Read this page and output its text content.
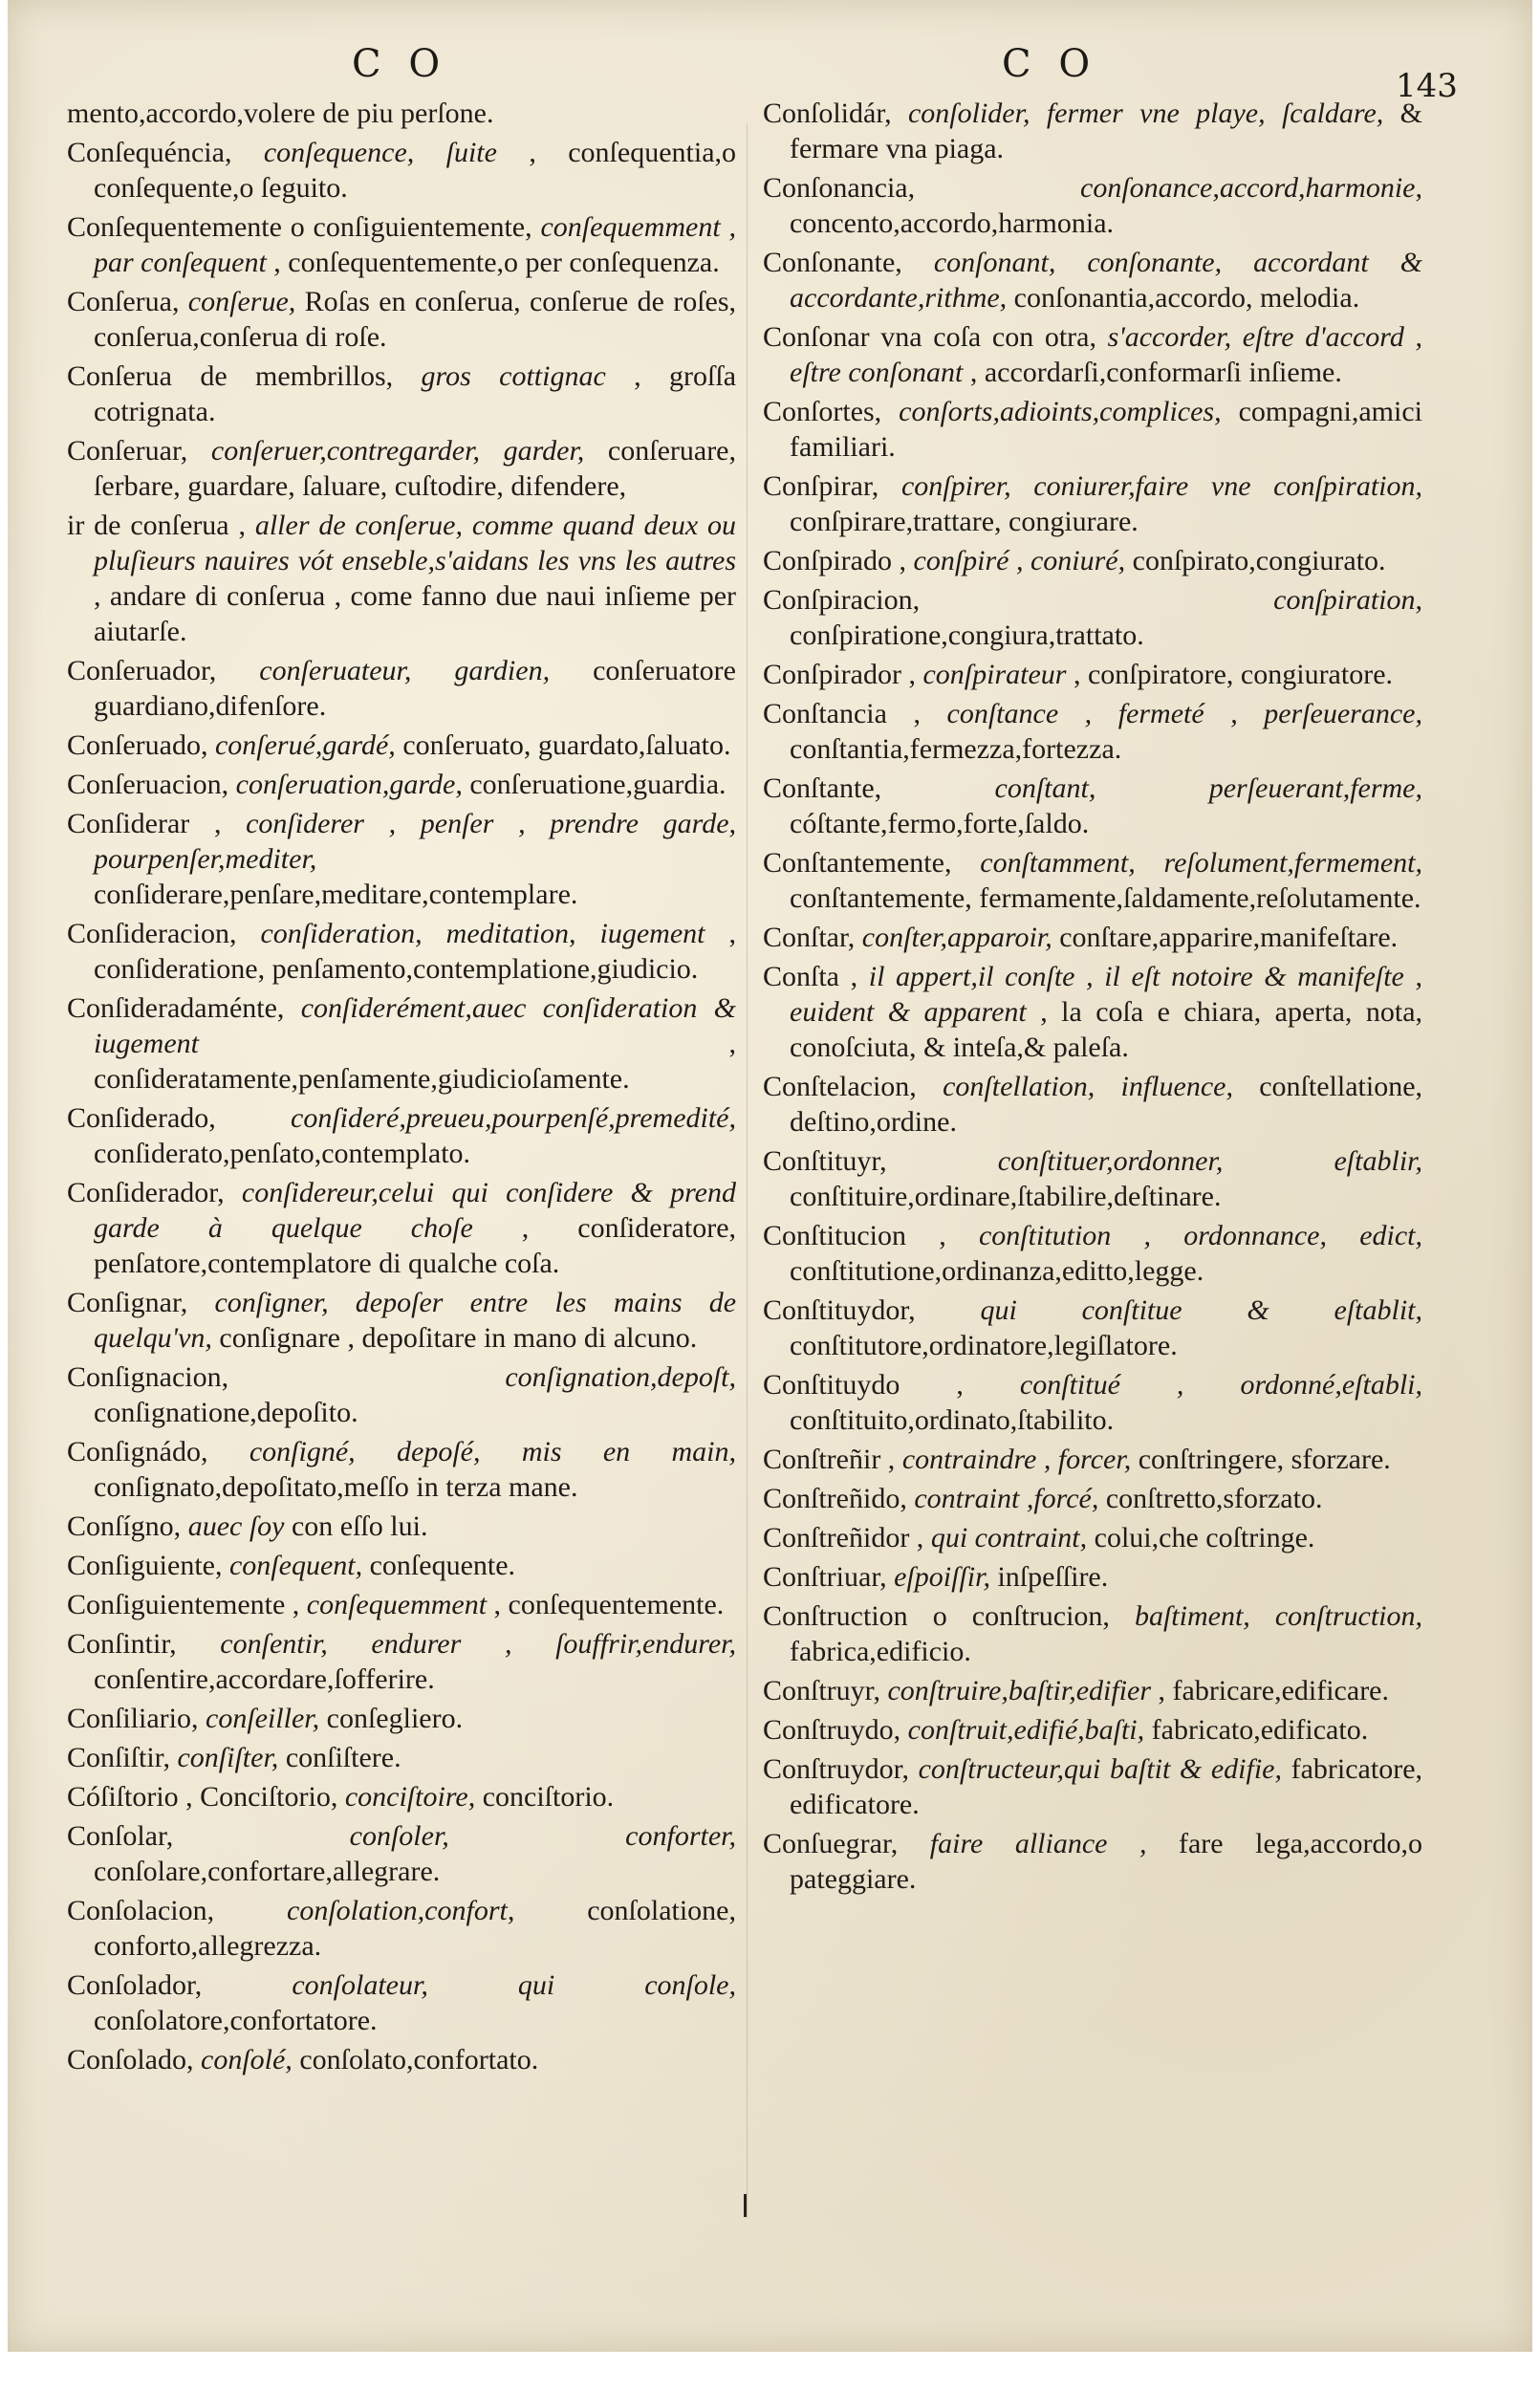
C O	C O	143

mento,accordo,volere de piu perſone.

Conſequéncia, conſequence, ſuite , conſequentia,o conſequente,o ſeguito.

Conſequentemente o conſiguientemente, conſequemment , par conſequent , conſequentemente,o per conſequenza.

Conſerua, conſerue, Roſas en conſerua, conſerue de roſes, conſerua,conſerua di roſe.

Conſerua de membrillos, gros cottignac , groſſa cotrignata.

Conſeruar, conſeruer,contregarder, garder, conſeruare, ſerbare, guardare, ſaluare, cuſtodire, difendere,

ir de conſerua , aller de conſerue, comme quand deux ou pluſieurs nauires vót enseble,s'aidans les vns les autres , andare di conſerua , come fanno due naui inſieme per aiutarſe.

Conſeruador, conſeruateur, gardien, conſeruatore guardiano,difenſore.

Conſeruado, conſerué,gardé, conſeruato, guardato,ſaluato.

Conſeruacion, conſeruation,garde, conſeruatione,guardia.

Conſiderar , conſiderer , penſer , prendre garde, pourpenſer,mediter, conſiderare,penſare,meditare,contemplare.

Conſideracion, conſideration, meditation, iugement , conſideratione, penſamento,contemplatione,giudicio.

Conſideradaménte, conſiderément,auec conſideration & iugement	, conſideratamente,penſamente,giudicioſamente.

Conſiderado,	conſideré,preueu,pourpenſé,premedité, conſiderato,penſato,contemplato.

Conſiderador, conſidereur,celui qui conſidere & prend garde à quelque choſe , conſideratore, penſatore,contemplatore di qualche coſa.

Conſignar, conſigner, depoſer entre les mains de quelqu'vn, conſignare , depoſitare in mano di alcuno.

Conſignacion,	conſignation,depoſt, conſignatione,depoſito.

Conſignádo, conſigné, depoſé, mis en main, conſignato,depoſitato,meſſo in terza mane.

Conſígno, auec ſoy con eſſo lui.

Conſiguiente, conſequent, conſequente.

Conſiguientemente , conſequemment , conſequentemente.

Conſintir, conſentir, endurer , ſouffrir,endurer, conſentire,accordare,ſofferire.

Conſiliario, conſeiller, conſegliero.

Conſiſtir, conſiſter, conſiſtere.

Cóſiſtorio , Conciſtorio, conciſtoire, conciſtorio.

Conſolar,	conſoler, conforter, conſolare,confortare,allegrare.

Conſolacion,	conſolation,confort,	conſolatione, conforto,allegrezza.

Conſolador,	conſolateur, qui conſole, conſolatore,confortatore.

Conſolado, conſolé, conſolato,confortato.

Conſolidár, conſolider, fermer vne playe, ſcaldare, & fermare vna piaga.

Conſonancia,	conſonance,accord,harmonie, concento,accordo,harmonia.

Conſonante, conſonant, conſonante, accordant & accordante,rithme, conſonantia,accordo, melodia.

Conſonar vna coſa con otra, s'accorder, eſtre d'accord , eſtre conſonant , accordarſi,conformarſi inſieme.

Conſortes, conſorts,adioints,complices, compagni,amici familiari.

Conſpirar, conſpirer, coniurer,faire vne conſpiration, conſpirare,trattare, congiurare.

Conſpirado , conſpiré , coniuré, conſpirato,congiurato.

Conſpiracion,	conſpiration, conſpiratione,congiura,trattato.

Conſpirador , conſpirateur , conſpiratore, congiuratore.

Conſtancia , conſtance , fermeté , perſeuerance, conſtantia,fermezza,fortezza.

Conſtante,	conſtant, perſeuerant,ferme, cóſtante,fermo,forte,ſaldo.

Conſtantemente, conſtamment, reſolument,fermement, conſtantemente, fermamente,ſaldamente,reſolutamente.

Conſtar, conſter,apparoir, conſtare,apparire,manifeſtare.

Conſta , il appert,il conſte , il eſt notoire & manifeſte , euident & apparent , la coſa e chiara, aperta, nota, conoſciuta, & inteſa,& paleſa.

Conſtelacion, conſtellation, influence, conſtellatione, deſtino,ordine.

Conſtituyr,	conſtituer,ordonner, eſtablir, conſtituire,ordinare,ſtabilire,deſtinare.

Conſtitucion , conſtitution , ordonnance, edict, conſtitutione,ordinanza,editto,legge.

Conſtituydor, qui conſtitue & eſtablit, conſtitutore,ordinatore,legiſlatore.

Conſtituydo , conſtitué , ordonné,eſtabli, conſtituito,ordinato,ſtabilito.

Conſtreñir , contraindre , forcer, conſtringere, sforzare.

Conſtreñido, contraint ,forcé, conſtretto,sforzato.

Conſtreñidor , qui contraint, colui,che coſtringe.

Conſtriuar, eſpoiſſir, inſpeſſire.

Conſtruction o conſtrucion, baſtiment, conſtruction, fabrica,edificio.

Conſtruyr, conſtruire,baſtir,edifier , fabricare,edificare.

Conſtruydo, conſtruit,edifié,baſti, fabricato,edificato.

Conſtruydor, conſtructeur,qui baſtit & edifie, fabricatore, edificatore.

Conſuegrar, faire alliance , fare lega,accordo,o pateggiare.
